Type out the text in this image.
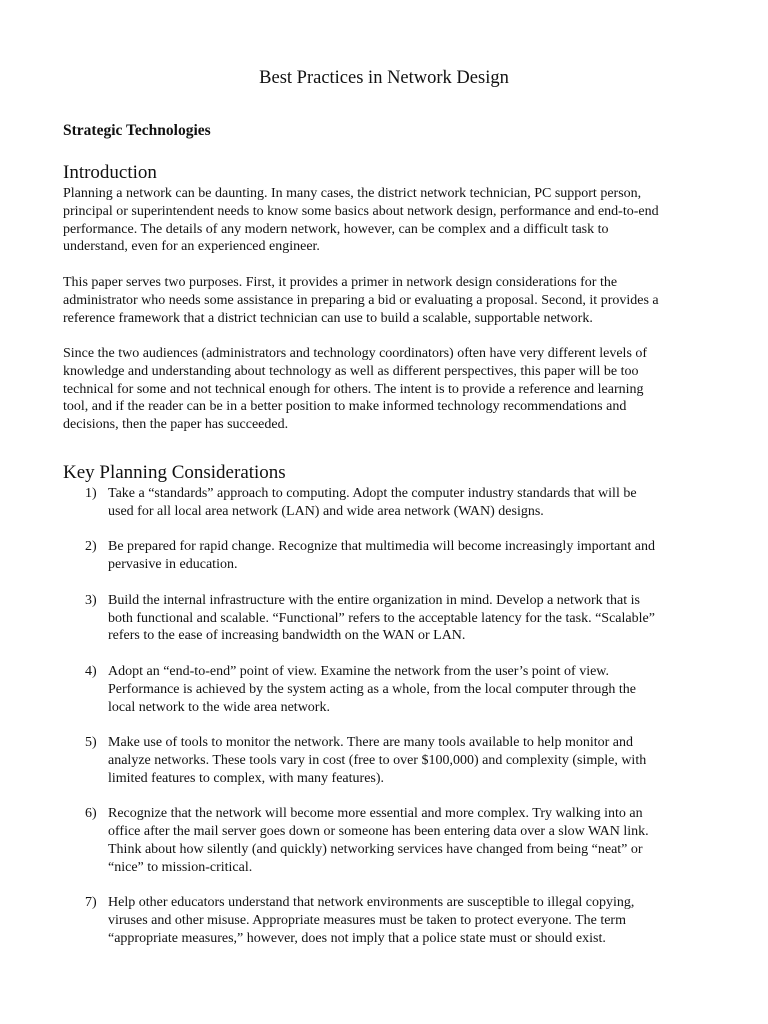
Best Practices in Network Design
Strategic Technologies
Introduction

Planning a network can be daunting. In many cases, the district network technician, PC support person,
principal or superintendent needs to know some basics about network design, performance and end-to-end
performance. The details of any modern network, however, can be complex and a difficult task to
understand, even for an experienced engineer.

This paper serves two purposes. First, it provides a primer in network design considerations for the
administrator who needs some assistance in preparing a bid or evaluating a proposal. Second, it provides a
reference framework that a district technician can use to build a scalable, supportable network.

Since the two audiences (administrators and technology coordinators) often have very different levels of
knowledge and understanding about technology as well as different perspectives, this paper will be too
technical for some and not technical enough for others. The intent is to provide a reference and learning
tool, and if the reader can be in a better position to make informed technology recommendations and
decisions, then the paper has succeeded.

Key Planning Considerations
1) Take a “standards” approach to computing. Adopt the computer industry standards that will be
used for all local area network (LAN) and wide area network (WAN) designs.
2) Be prepared for rapid change. Recognize that multimedia will become increasingly important and
pervasive in education.
3) Build the internal infrastructure with the entire organization in mind. Develop a network that is
both functional and scalable. “Functional” refers to the acceptable latency for the task. “Scalable”
refers to the ease of increasing bandwidth on the WAN or LAN.
4) Adopt an “end-to-end” point of view. Examine the network from the user’s point of view.
Performance is achieved by the system acting as a whole, from the local computer through the
local network to the wide area network.
5) Make use of tools to monitor the network. There are many tools available to help monitor and
analyze networks. These tools vary in cost (free to over $100,000) and complexity (simple, with
limited features to complex, with many features).
6) Recognize that the network will become more essential and more complex. Try walking into an
office after the mail server goes down or someone has been entering data over a slow WAN link.
Think about how silently (and quickly) networking services have changed from being “neat” or
“nice” to mission-critical.
7) Help other educators understand that network environments are susceptible to illegal copying,
viruses and other misuse. Appropriate measures must be taken to protect everyone. The term
“appropriate measures,” however, does not imply that a police state must or should exist.
